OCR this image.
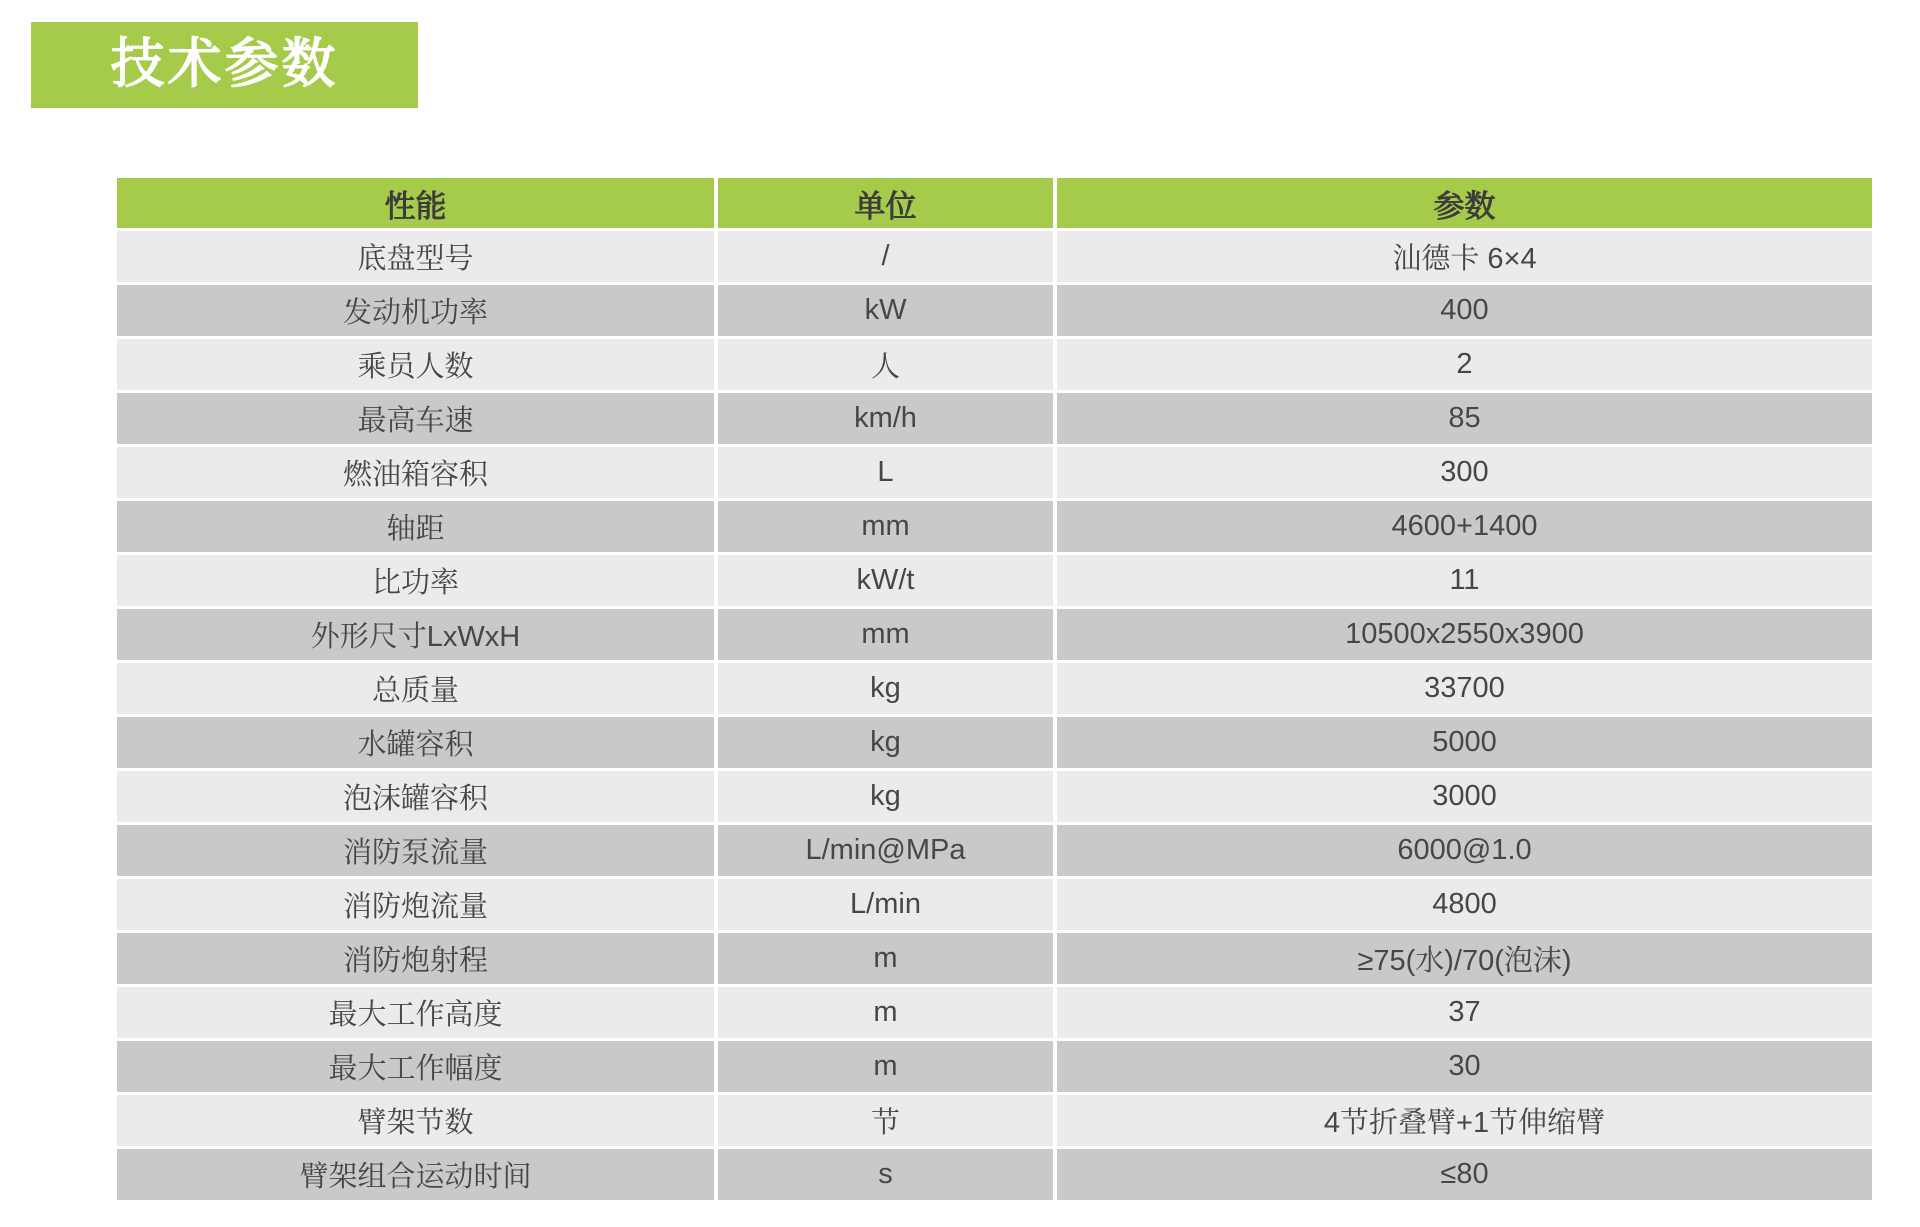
技术参数
性能	单位	参数
底盘型号	/	汕德卡 6×4
发动机功率	kW	400
乘员人数	人	2
最高车速	km/h	85
燃油箱容积	L	300
轴距	mm	4600+1400
比功率	kW/t	11
外形尺寸LxWxH	mm	10500x2550x3900
总质量	kg	33700
水罐容积	kg	5000
泡沫罐容积	kg	3000
消防泵流量	L/min@MPa	6000@1.0
消防炮流量	L/min	4800
消防炮射程	m	≥75(水)/70(泡沫)
最大工作高度	m	37
最大工作幅度	m	30
臂架节数	节	4节折叠臂+1节伸缩臂
臂架组合运动时间	s	≤80
